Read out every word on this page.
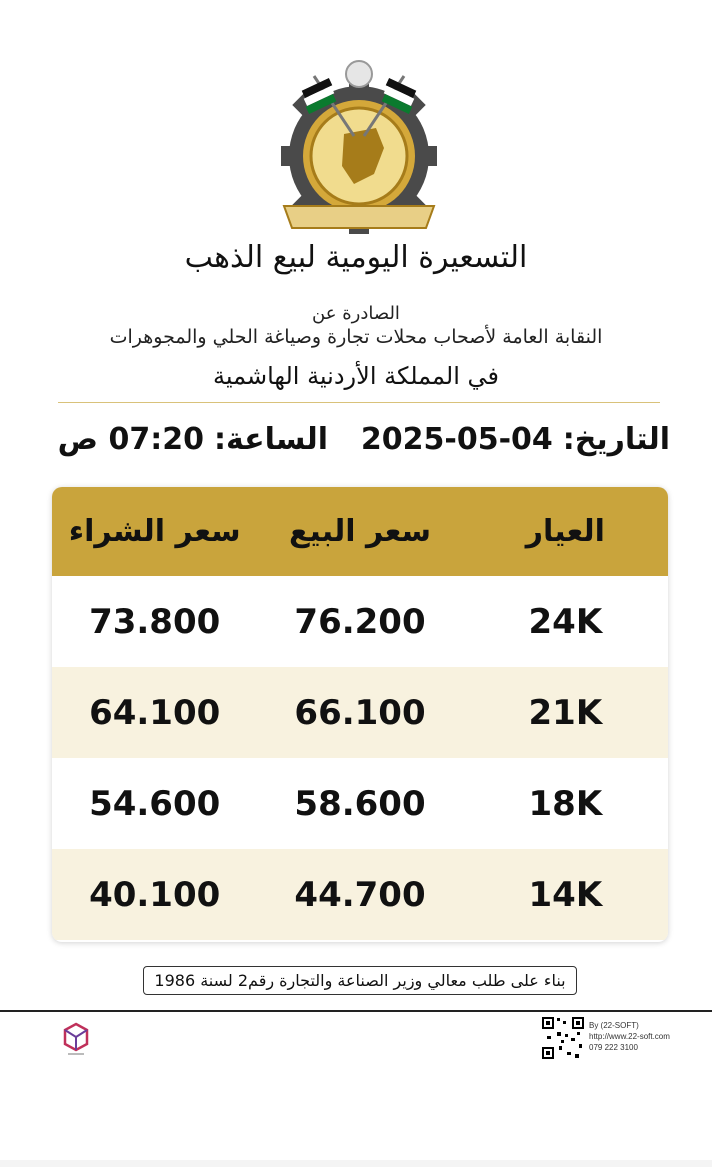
التسعيرة اليومية لبيع الذهب
الصادرة عن
النقابة العامة لأصحاب محلات تجارة وصياغة الحلي والمجوهرات
في المملكة الأردنية الهاشمية
التاريخ:04-05-2025
الساعة:07:20 ص
العيار
سعر البيع
سعر الشراء
24K
76.200
73.800
21K
66.100
64.100
18K
58.600
54.600
14K
44.700
40.100
بناء على طلب معالي وزير الصناعة والتجارة رقم2 لسنة 1986
By (22-SOFT)
http://www.22-soft.com
079 222 3100
